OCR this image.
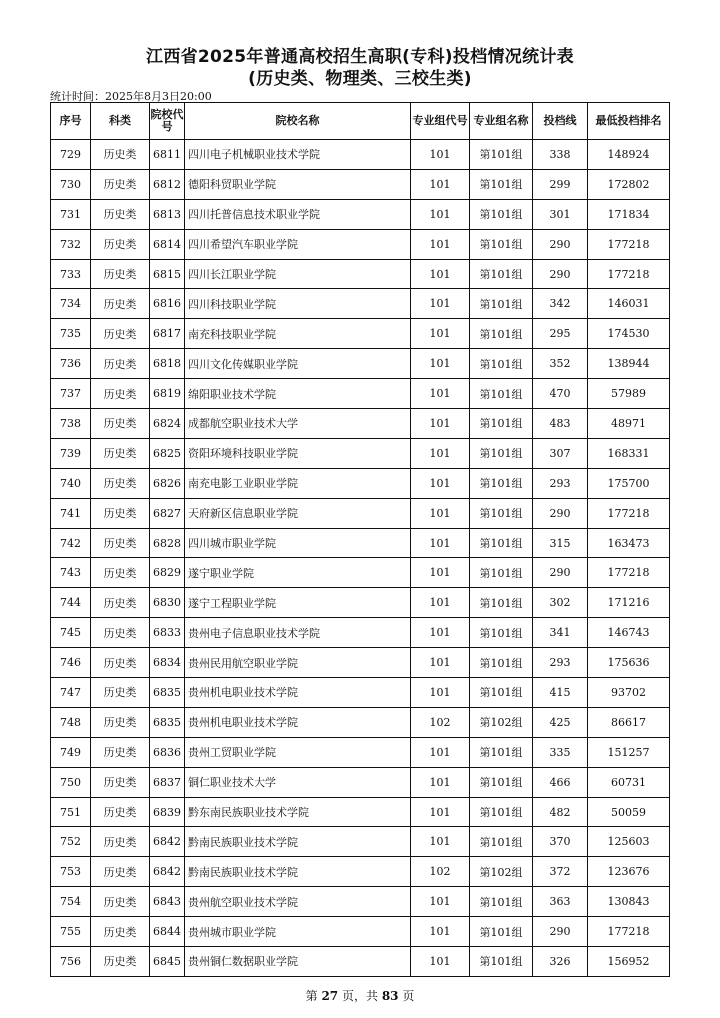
江西省2025年普通高校招生高职(专科)投档情况统计表
(历史类、物理类、三校生类)
统计时间：2025年8月3日20:00
序号	科类	院校代号	院校名称	专业组代号	专业组名称	投档线	最低投档排名
729	历史类	6811	四川电子机械职业技术学院	101	第101组	338	148924
730	历史类	6812	德阳科贸职业学院	101	第101组	299	172802
731	历史类	6813	四川托普信息技术职业学院	101	第101组	301	171834
732	历史类	6814	四川希望汽车职业学院	101	第101组	290	177218
733	历史类	6815	四川长江职业学院	101	第101组	290	177218
734	历史类	6816	四川科技职业学院	101	第101组	342	146031
735	历史类	6817	南充科技职业学院	101	第101组	295	174530
736	历史类	6818	四川文化传媒职业学院	101	第101组	352	138944
737	历史类	6819	绵阳职业技术学院	101	第101组	470	57989
738	历史类	6824	成都航空职业技术大学	101	第101组	483	48971
739	历史类	6825	资阳环境科技职业学院	101	第101组	307	168331
740	历史类	6826	南充电影工业职业学院	101	第101组	293	175700
741	历史类	6827	天府新区信息职业学院	101	第101组	290	177218
742	历史类	6828	四川城市职业学院	101	第101组	315	163473
743	历史类	6829	遂宁职业学院	101	第101组	290	177218
744	历史类	6830	遂宁工程职业学院	101	第101组	302	171216
745	历史类	6833	贵州电子信息职业技术学院	101	第101组	341	146743
746	历史类	6834	贵州民用航空职业学院	101	第101组	293	175636
747	历史类	6835	贵州机电职业技术学院	101	第101组	415	93702
748	历史类	6835	贵州机电职业技术学院	102	第102组	425	86617
749	历史类	6836	贵州工贸职业学院	101	第101组	335	151257
750	历史类	6837	铜仁职业技术大学	101	第101组	466	60731
751	历史类	6839	黔东南民族职业技术学院	101	第101组	482	50059
752	历史类	6842	黔南民族职业技术学院	101	第101组	370	125603
753	历史类	6842	黔南民族职业技术学院	102	第102组	372	123676
754	历史类	6843	贵州航空职业技术学院	101	第101组	363	130843
755	历史类	6844	贵州城市职业学院	101	第101组	290	177218
756	历史类	6845	贵州铜仁数据职业学院	101	第101组	326	156952
第 27 页，共 83 页
